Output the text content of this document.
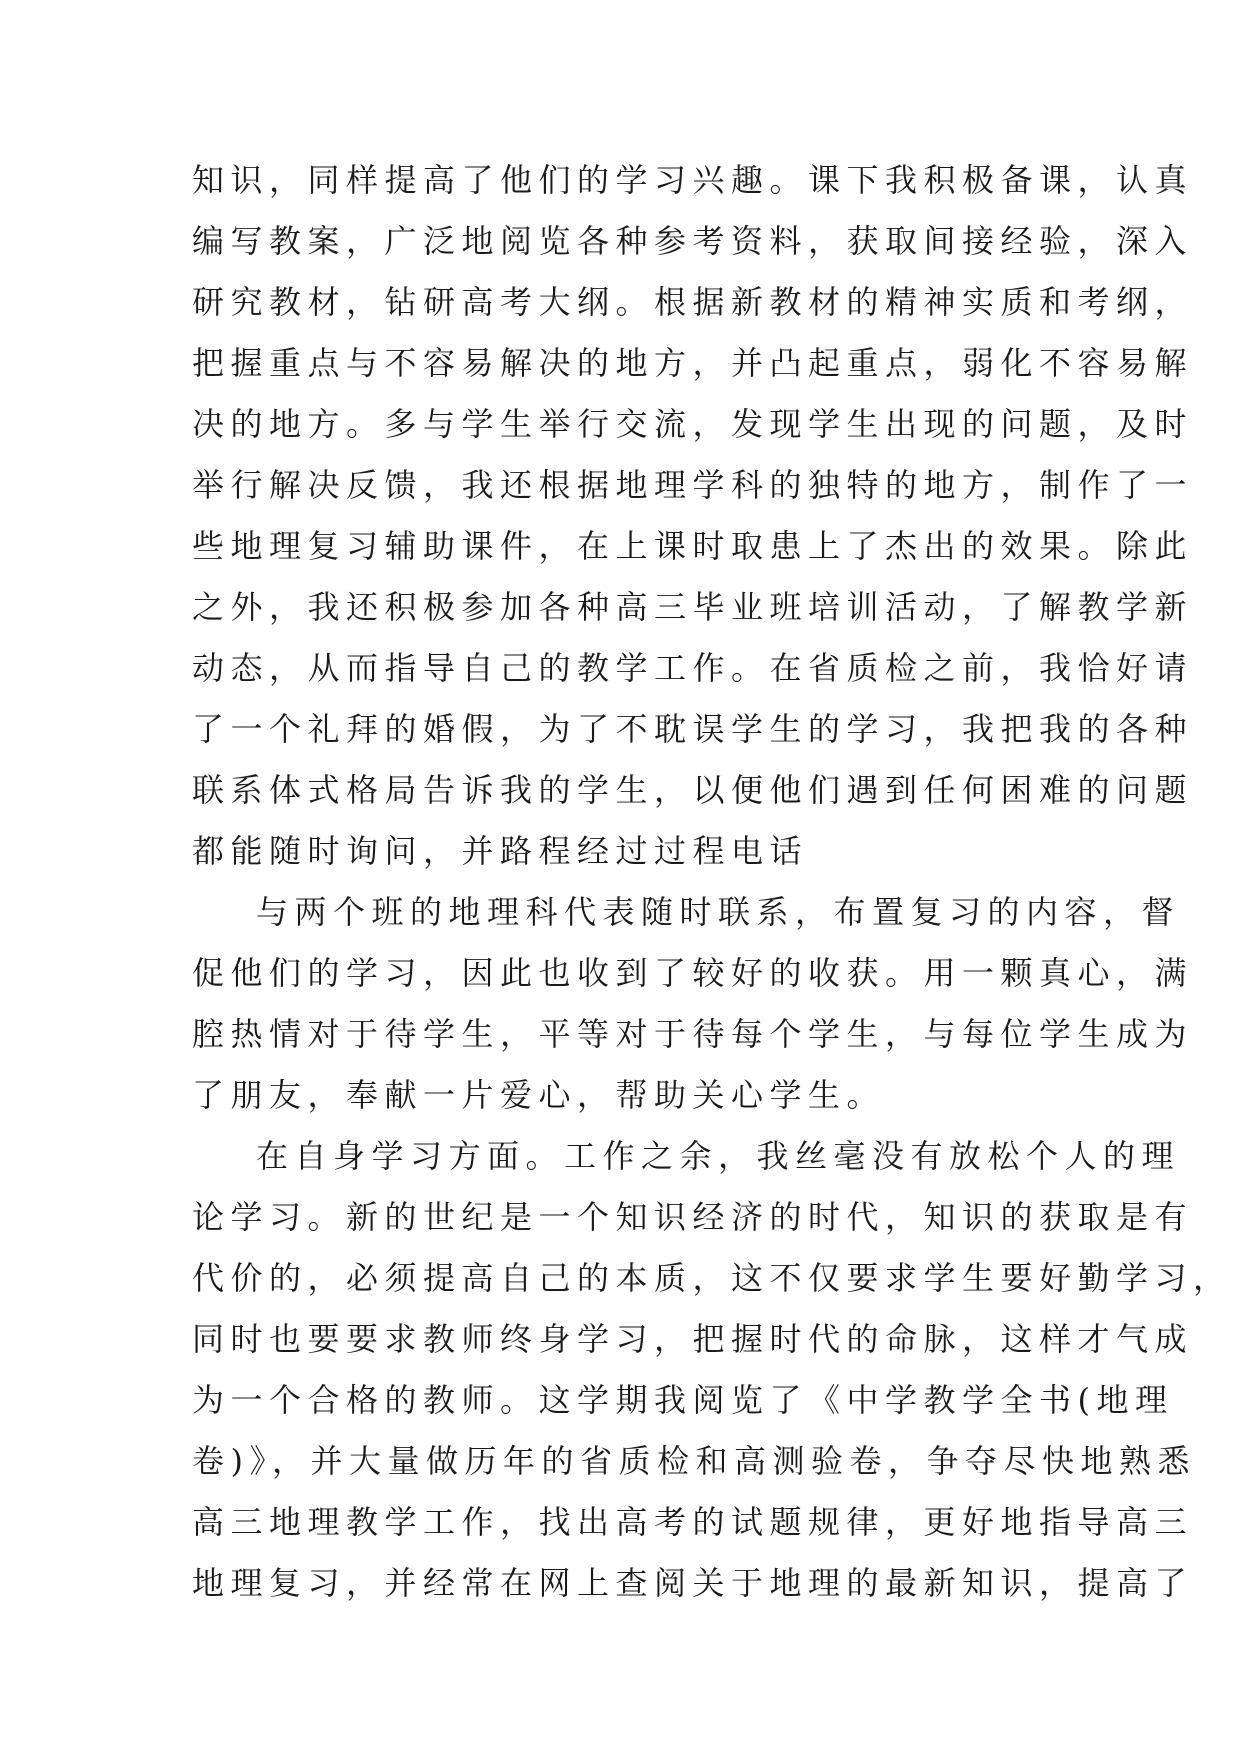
知识，同样提高了他们的学习兴趣。课下我积极备课，认真
编写教案，广泛地阅览各种参考资料，获取间接经验，深入
研究教材，钻研高考大纲。根据新教材的精神实质和考纲，
把握重点与不容易解决的地方，并凸起重点，弱化不容易解
决的地方。多与学生举行交流，发现学生出现的问题，及时
举行解决反馈，我还根据地理学科的独特的地方，制作了一
些地理复习辅助课件，在上课时取患上了杰出的效果。除此
之外，我还积极参加各种高三毕业班培训活动，了解教学新
动态，从而指导自己的教学工作。在省质检之前，我恰好请
了一个礼拜的婚假，为了不耽误学生的学习，我把我的各种
联系体式格局告诉我的学生，以便他们遇到任何困难的问题
都能随时询问，并路程经过过程电话
与两个班的地理科代表随时联系，布置复习的内容，督
促他们的学习，因此也收到了较好的收获。用一颗真心，满
腔热情对于待学生，平等对于待每个学生，与每位学生成为
了朋友，奉献一片爱心，帮助关心学生。
在自身学习方面。工作之余，我丝毫没有放松个人的理
论学习。新的世纪是一个知识经济的时代，知识的获取是有
代价的，必须提高自己的本质，这不仅要求学生要好勤学习，
同时也要要求教师终身学习，把握时代的命脉，这样才气成
为一个合格的教师。这学期我阅览了《中学教学全书(地理
卷)》，并大量做历年的省质检和高测验卷，争夺尽快地熟悉
高三地理教学工作，找出高考的试题规律，更好地指导高三
地理复习，并经常在网上查阅关于地理的最新知识，提高了
